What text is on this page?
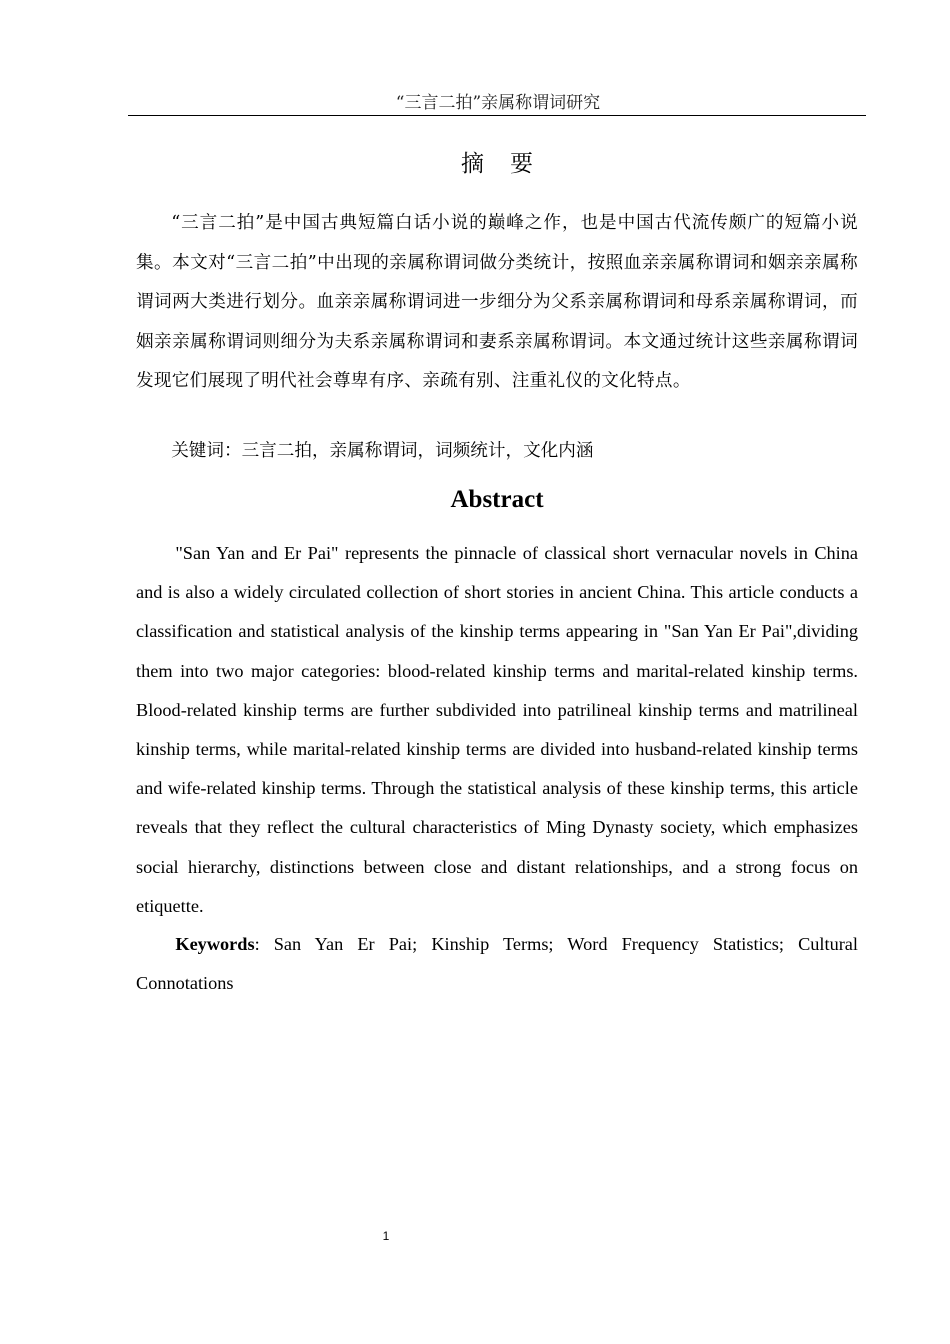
“三言二拍”亲属称谓词研究
摘要

“三言二拍”是中国古典短篇白话小说的巅峰之作，也是中国古代流传颇广的短篇小说集。本文对“三言二拍”中出现的亲属称谓词做分类统计，按照血亲亲属称谓词和姻亲亲属称谓词两大类进行划分。血亲亲属称谓词进一步细分为父系亲属称谓词和母系亲属称谓词，而姻亲亲属称谓词则细分为夫系亲属称谓词和妻系亲属称谓词。本文通过统计这些亲属称谓词发现它们展现了明代社会尊卑有序、亲疏有别、注重礼仪的文化特点。

关键词：三言二拍，亲属称谓词，词频统计，文化内涵

Abstract

"San Yan and Er Pai" represents the pinnacle of classical short vernacular novels in China and is also a widely circulated collection of short stories in ancient China. This article conducts a classification and statistical analysis of the kinship terms appearing in "San Yan Er Pai",dividing them into two major categories: blood-related kinship terms and marital-related kinship terms. Blood-related kinship terms are further subdivided into patrilineal kinship terms and matrilineal kinship terms, while marital-related kinship terms are divided into husband-related kinship terms and wife-related kinship terms. Through the statistical analysis of these kinship terms, this article reveals that they reflect the cultural characteristics of Ming Dynasty society, which emphasizes social hierarchy, distinctions between close and distant relationships, and a strong focus on etiquette.

Keywords: San Yan Er Pai; Kinship Terms; Word Frequency Statistics; Cultural Connotations

1
